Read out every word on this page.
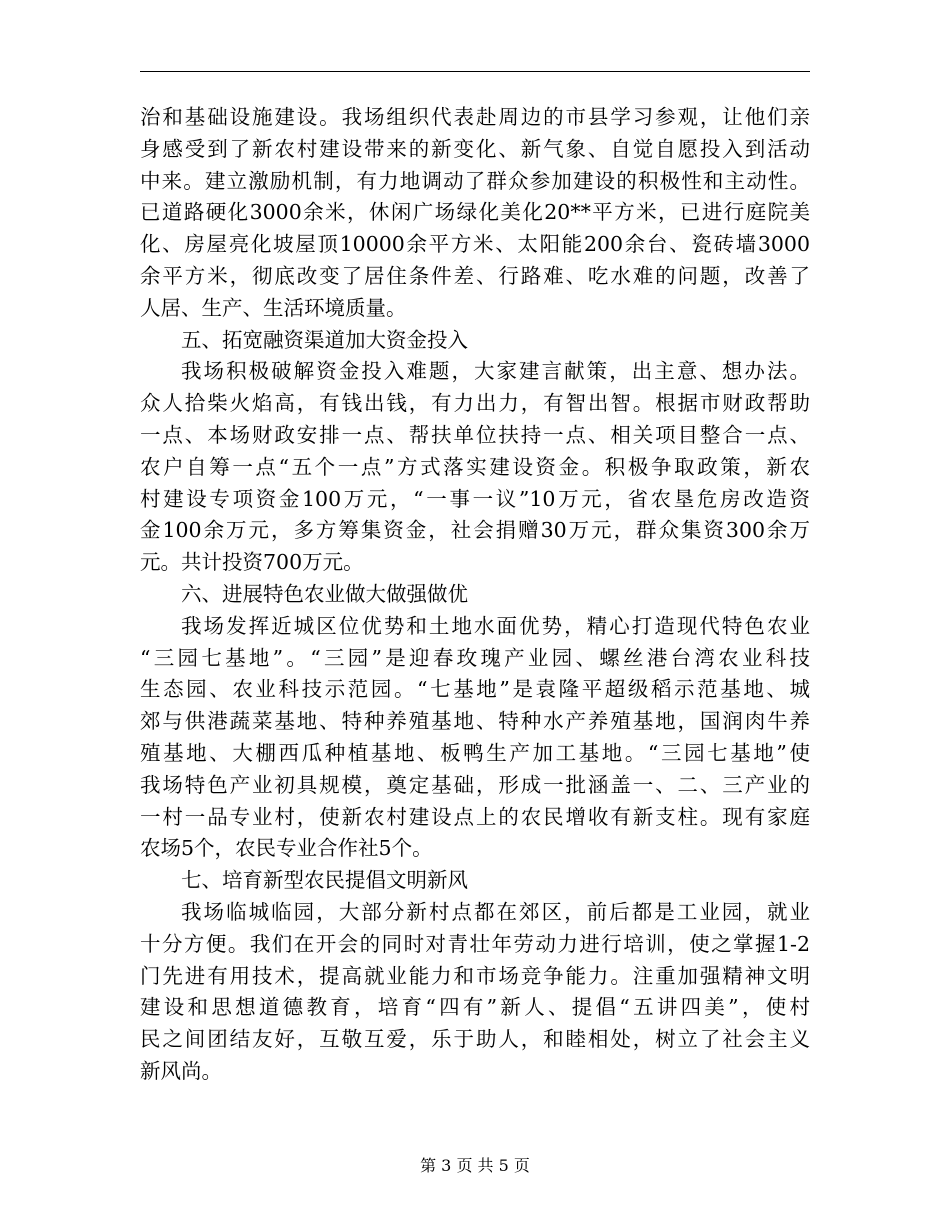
治和基础设施建设。我场组织代表赴周边的市县学习参观，让他们亲
身感受到了新农村建设带来的新变化、新气象、自觉自愿投入到活动
中来。建立激励机制，有力地调动了群众参加建设的积极性和主动性。
已道路硬化3000余米，休闲广场绿化美化20**平方米，已进行庭院美
化、房屋亮化坡屋顶10000余平方米、太阳能200余台、瓷砖墙3000
余平方米，彻底改变了居住条件差、行路难、吃水难的问题，改善了
人居、生产、生活环境质量。
五、拓宽融资渠道加大资金投入
我场积极破解资金投入难题，大家建言献策，出主意、想办法。
众人拾柴火焰高，有钱出钱，有力出力，有智出智。根据市财政帮助
一点、本场财政安排一点、帮扶单位扶持一点、相关项目整合一点、
农户自筹一点“五个一点”方式落实建设资金。积极争取政策，新农
村建设专项资金100万元，“一事一议”10万元，省农垦危房改造资
金100余万元，多方筹集资金，社会捐赠30万元，群众集资300余万
元。共计投资700万元。
六、进展特色农业做大做强做优
我场发挥近城区位优势和土地水面优势，精心打造现代特色农业
“三园七基地”。“三园”是迎春玫瑰产业园、螺丝港台湾农业科技
生态园、农业科技示范园。“七基地”是袁隆平超级稻示范基地、城
郊与供港蔬菜基地、特种养殖基地、特种水产养殖基地，国润肉牛养
殖基地、大棚西瓜种植基地、板鸭生产加工基地。“三园七基地”使
我场特色产业初具规模，奠定基础，形成一批涵盖一、二、三产业的
一村一品专业村，使新农村建设点上的农民增收有新支柱。现有家庭
农场5个，农民专业合作社5个。
七、培育新型农民提倡文明新风
我场临城临园，大部分新村点都在郊区，前后都是工业园，就业
十分方便。我们在开会的同时对青壮年劳动力进行培训，使之掌握1-2
门先进有用技术，提高就业能力和市场竞争能力。注重加强精神文明
建设和思想道德教育，培育“四有”新人、提倡“五讲四美”，使村
民之间团结友好，互敬互爱，乐于助人，和睦相处，树立了社会主义
新风尚。
第 3 页 共 5 页
